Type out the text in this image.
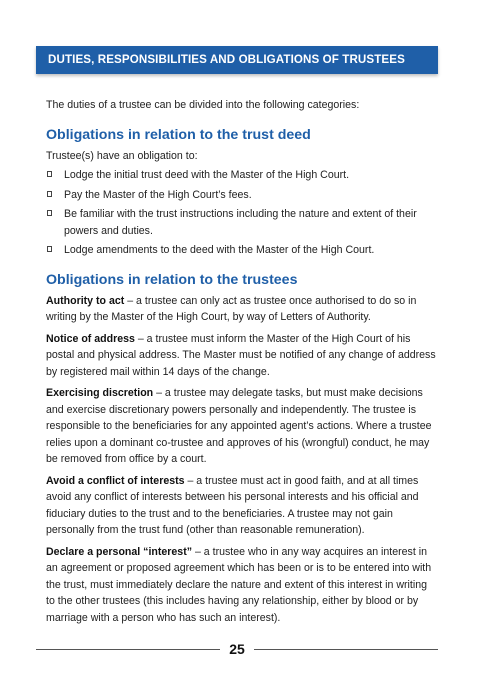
DUTIES, RESPONSIBILITIES AND OBLIGATIONS OF TRUSTEES

The duties of a trustee can be divided into the following categories:

Obligations in relation to the trust deed

Trustee(s) have an obligation to:

Lodge the initial trust deed with the Master of the High Court.
Pay the Master of the High Court’s fees.
Be familiar with the trust instructions including the nature and extent of their powers and duties.
Lodge amendments to the deed with the Master of the High Court.
Obligations in relation to the trustees

Authority to act – a trustee can only act as trustee once authorised to do so in writing by the Master of the High Court, by way of Letters of Authority.

Notice of address – a trustee must inform the Master of the High Court of his postal and physical address. The Master must be notified of any change of address by registered mail within 14 days of the change.

Exercising discretion – a trustee may delegate tasks, but must make decisions and exercise discretionary powers personally and independently. The trustee is responsible to the beneficiaries for any appointed agent’s actions. Where a trustee relies upon a dominant co-trustee and approves of his (wrongful) conduct, he may be removed from office by a court.

Avoid a conflict of interests – a trustee must act in good faith, and at all times avoid any conflict of interests between his personal interests and his official and fiduciary duties to the trust and to the beneficiaries. A trustee may not gain personally from the trust fund (other than reasonable remuneration).

Declare a personal “interest” – a trustee who in any way acquires an interest in an agreement or proposed agreement which has been or is to be entered into with the trust, must immediately declare the nature and extent of this interest in writing to the other trustees (this includes having any relationship, either by blood or by marriage with a person who has such an interest).

25
